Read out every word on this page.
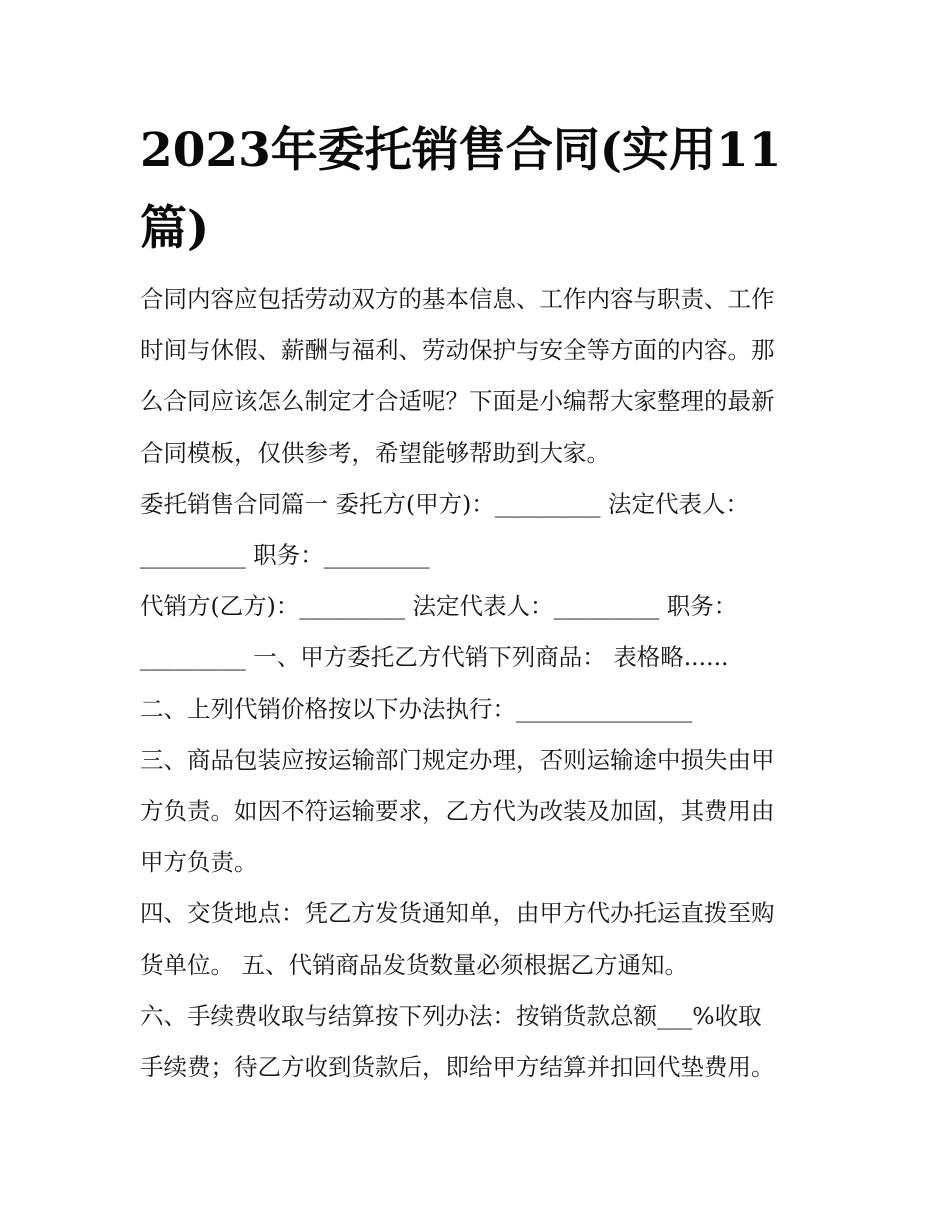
2023年委托销售合同(实用11
篇)

合同内容应包括劳动双方的基本信息、工作内容与职责、工作
时间与休假、薪酬与福利、劳动保护与安全等方面的内容。那
么合同应该怎么制定才合适呢？下面是小编帮大家整理的最新
合同模板，仅供参考，希望能够帮助到大家。

委托销售合同篇一 委托方(甲方)：_________ 法定代表人：
_________ 职务：_________

代销方(乙方)：_________ 法定代表人：_________ 职务：
_________ 一、甲方委托乙方代销下列商品： 表格略......

二、上列代销价格按以下办法执行：_______________

三、商品包装应按运输部门规定办理，否则运输途中损失由甲
方负责。如因不符运输要求，乙方代为改装及加固，其费用由
甲方负责。

四、交货地点：凭乙方发货通知单，由甲方代办托运直拨至购
货单位。 五、代销商品发货数量必须根据乙方通知。

六、手续费收取与结算按下列办法：按销货款总额___%收取
手续费；待乙方收到货款后，即给甲方结算并扣回代垫费用。
